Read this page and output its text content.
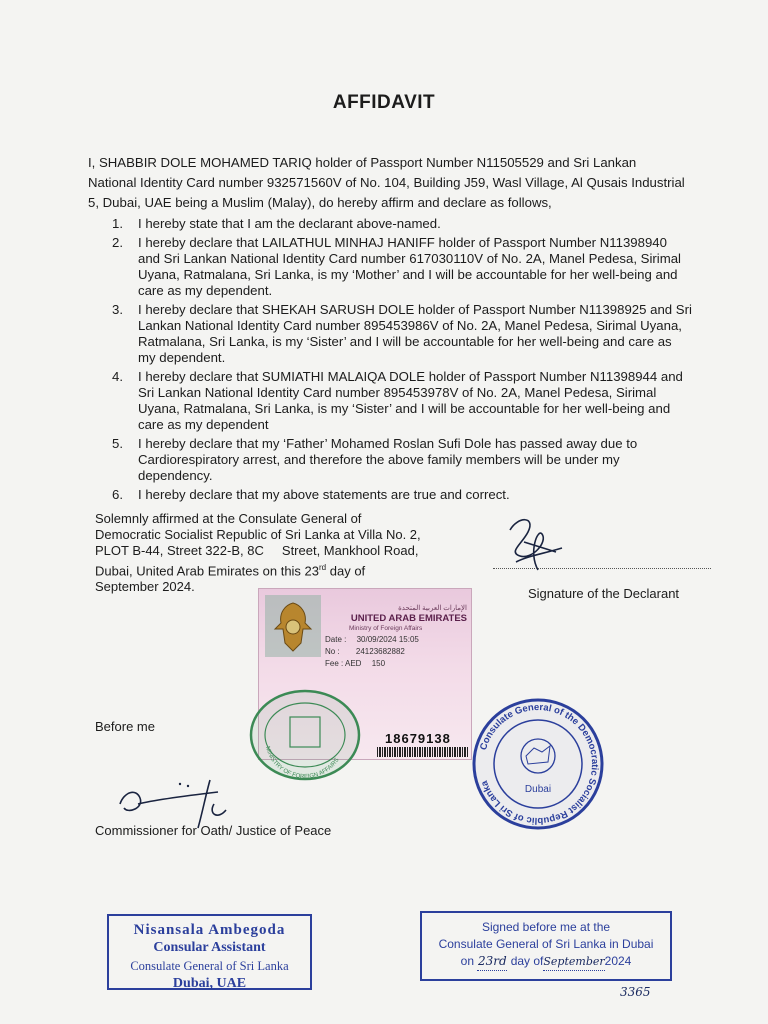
AFFIDAVIT
I, SHABBIR DOLE MOHAMED TARIQ holder of Passport Number N11505529 and Sri Lankan National Identity Card number 932571560V of No. 104, Building J59, Wasl Village, Al Qusais Industrial 5, Dubai, UAE being a Muslim (Malay), do hereby affirm and declare as follows,
1. I hereby state that I am the declarant above-named.
2. I hereby declare that LAILATHUL MINHAJ HANIFF holder of Passport Number N11398940 and Sri Lankan National Identity Card number 617030110V of No. 2A, Manel Pedesa, Sirimal Uyana, Ratmalana, Sri Lanka, is my ‘Mother’ and I will be accountable for her well-being and care as my dependent.
3. I hereby declare that SHEKAH SARUSH DOLE holder of Passport Number N11398925 and Sri Lankan National Identity Card number 895453986V of No. 2A, Manel Pedesa, Sirimal Uyana, Ratmalana, Sri Lanka, is my ‘Sister’ and I will be accountable for her well-being and care as my dependent.
4. I hereby declare that SUMIATHI MALAIQA DOLE holder of Passport Number N11398944 and Sri Lankan National Identity Card number 895453978V of No. 2A, Manel Pedesa, Sirimal Uyana, Ratmalana, Sri Lanka, is my ‘Sister’ and I will be accountable for her well-being and care as my dependent
5. I hereby declare that my ‘Father’ Mohamed Roslan Sufi Dole has passed away due to Cardiorespiratory arrest, and therefore the above family members will be under my dependency.
6. I hereby declare that my above statements are true and correct.
Solemnly affirmed at the Consulate General of
Democratic Socialist Republic of Sri Lanka at Villa No. 2,
PLOT B-44, Street 322-B, 8C     Street, Mankhool Road,
Dubai, United Arab Emirates on this 23rd day of
September 2024.	Signature of the Declarant
الإمارات العربية المتحدة
UNITED ARAB EMIRATES
Ministry of Foreign Affairs
Date : 30/09/2024 15:05
No : 24123682882
Fee : AED 150
18679138
MINISTRY OF FOREIGN AFFAIRS
Consulate General of the Democratic Socialist Republic of Sri Lanka
Dubai
Before me
Commissioner for Oath/ Justice of Peace
Nisansala Ambegoda
Consular Assistant
Consulate General of Sri Lanka
Dubai, UAE
Signed before me at the
Consulate General of Sri Lanka in Dubai
on 23rd day ofSeptember2024
3365
